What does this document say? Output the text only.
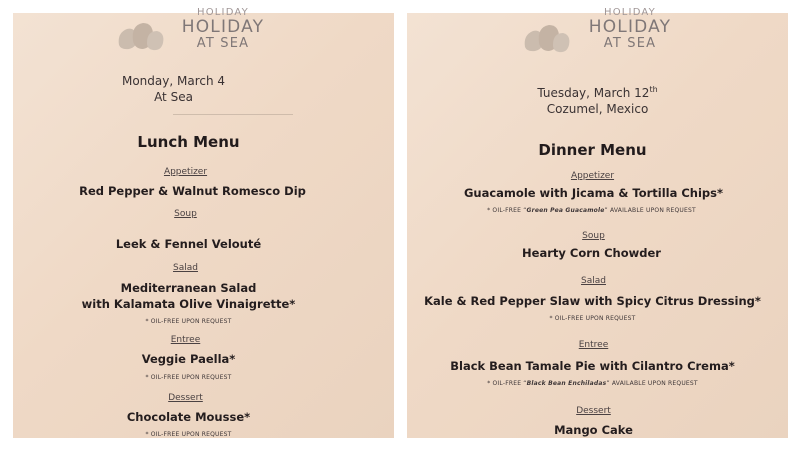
HOLIDAY
HOLIDAY
AT SEA
Monday, March 4
At Sea
Lunch Menu
Appetizer
Red Pepper & Walnut Romesco Dip
Soup
Leek & Fennel Velouté
Salad
Mediterranean Salad
with Kalamata Olive Vinaigrette*
* OIL-FREE UPON REQUEST
Entree
Veggie Paella*
* OIL-FREE UPON REQUEST
Dessert
Chocolate Mousse*
* OIL-FREE UPON REQUEST
HOLIDAY
HOLIDAY
AT SEA
Tuesday, March 12th
Cozumel, Mexico
Dinner Menu
Appetizer
Guacamole with Jicama & Tortilla Chips*
* OIL-FREE “Green Pea Guacamole” AVAILABLE UPON REQUEST
Soup
Hearty Corn Chowder
Salad
Kale & Red Pepper Slaw with Spicy Citrus Dressing*
* OIL-FREE UPON REQUEST
Entree
Black Bean Tamale Pie with Cilantro Crema*
* OIL-FREE “Black Bean Enchiladas” AVAILABLE UPON REQUEST
Dessert
Mango Cake
